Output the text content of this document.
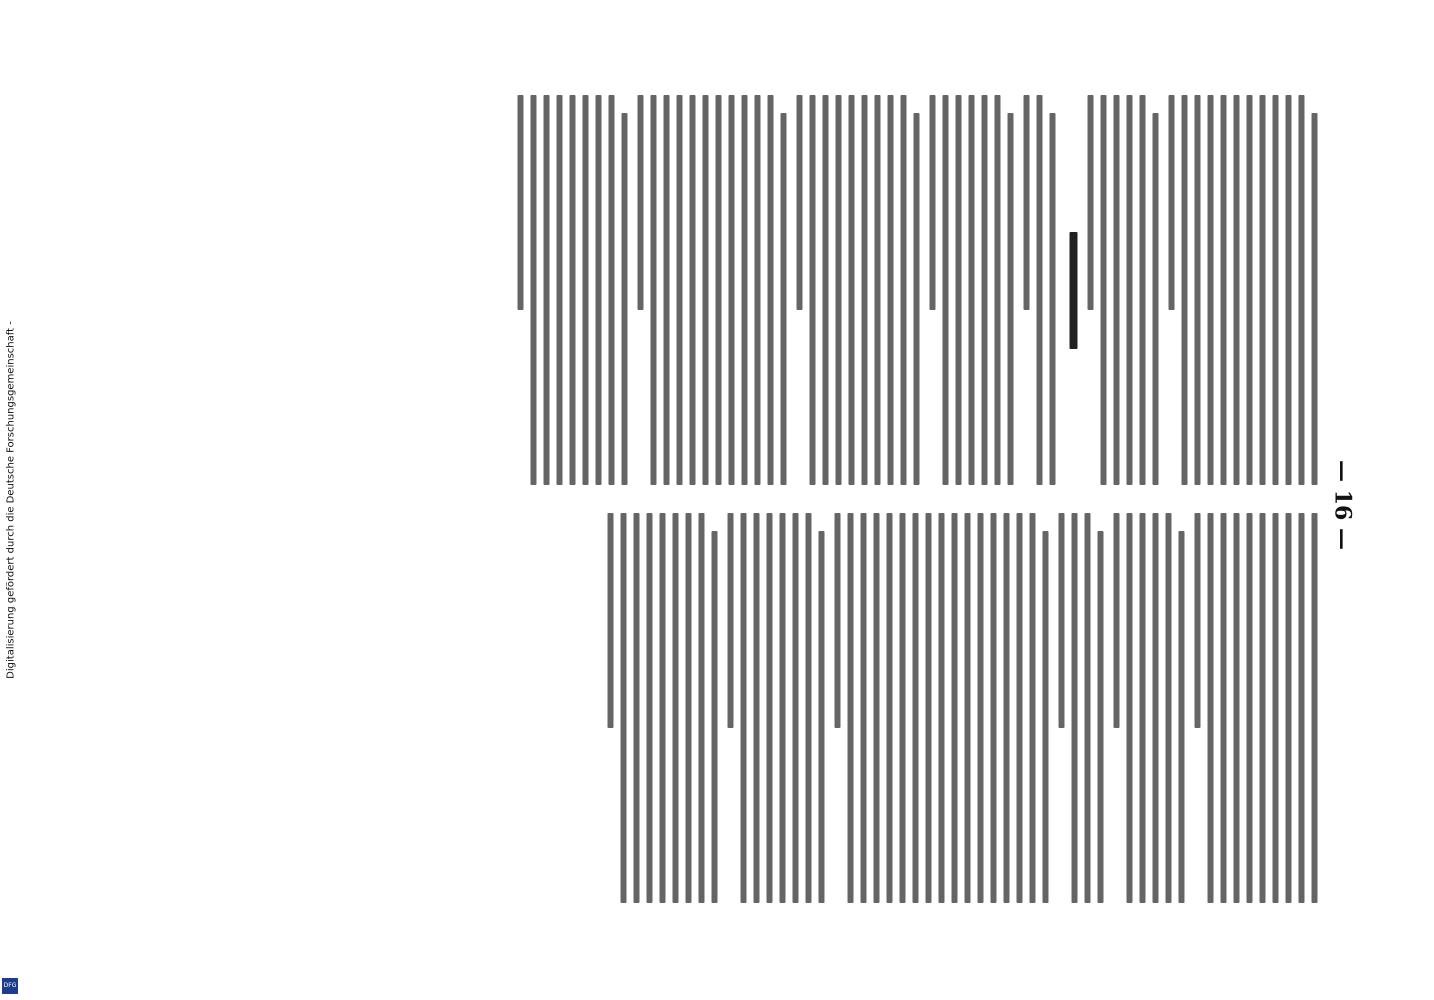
Digitalisierung gefördert durch die Deutsche Forschungsgemeinschaft -
DFG
— 16 —
